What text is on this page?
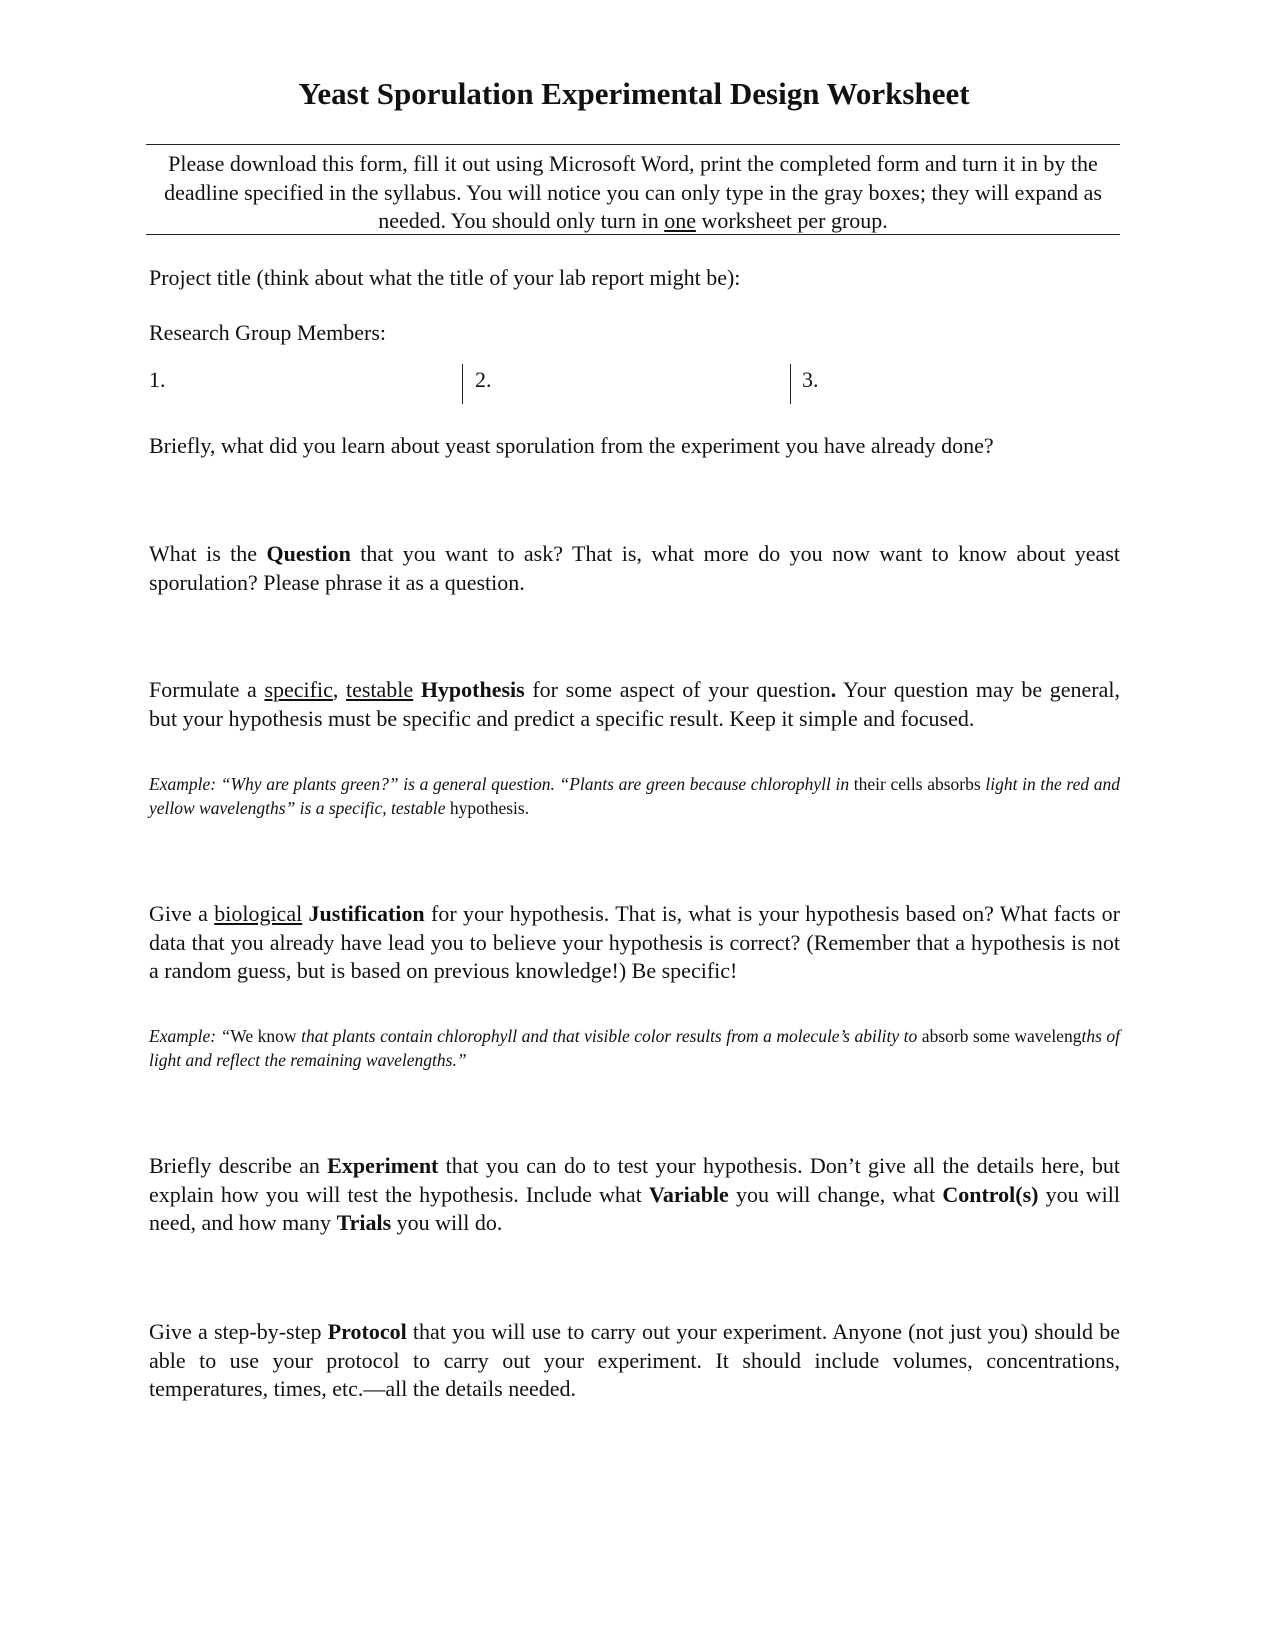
Yeast Sporulation Experimental Design Worksheet

Please download this form, fill it out using Microsoft Word, print the completed form and turn it in by the deadline specified in the syllabus. You will notice you can only type in the gray boxes; they will expand as needed. You should only turn in one worksheet per group.

Project title (think about what the title of your lab report might be):

Research Group Members:

1.	2.	3.

Briefly, what did you learn about yeast sporulation from the experiment you have already done?

What is the Question that you want to ask? That is, what more do you now want to know about yeast sporulation? Please phrase it as a question.

Formulate a specific, testable Hypothesis for some aspect of your question. Your question may be general, but your hypothesis must be specific and predict a specific result. Keep it simple and focused.

Example: “Why are plants green?” is a general question. “Plants are green because chlorophyll in their cells absorbs light in the red and yellow wavelengths” is a specific, testable hypothesis.

Give a biological Justification for your hypothesis. That is, what is your hypothesis based on? What facts or data that you already have lead you to believe your hypothesis is correct? (Remember that a hypothesis is not a random guess, but is based on previous knowledge!) Be specific!

Example: “We know that plants contain chlorophyll and that visible color results from a molecule’s ability to absorb some wavelengths of light and reflect the remaining wavelengths.”

Briefly describe an Experiment that you can do to test your hypothesis. Don’t give all the details here, but explain how you will test the hypothesis. Include what Variable you will change, what Control(s) you will need, and how many Trials you will do.

Give a step-by-step Protocol that you will use to carry out your experiment. Anyone (not just you) should be able to use your protocol to carry out your experiment. It should include volumes, concentrations, temperatures, times, etc.—all the details needed.
